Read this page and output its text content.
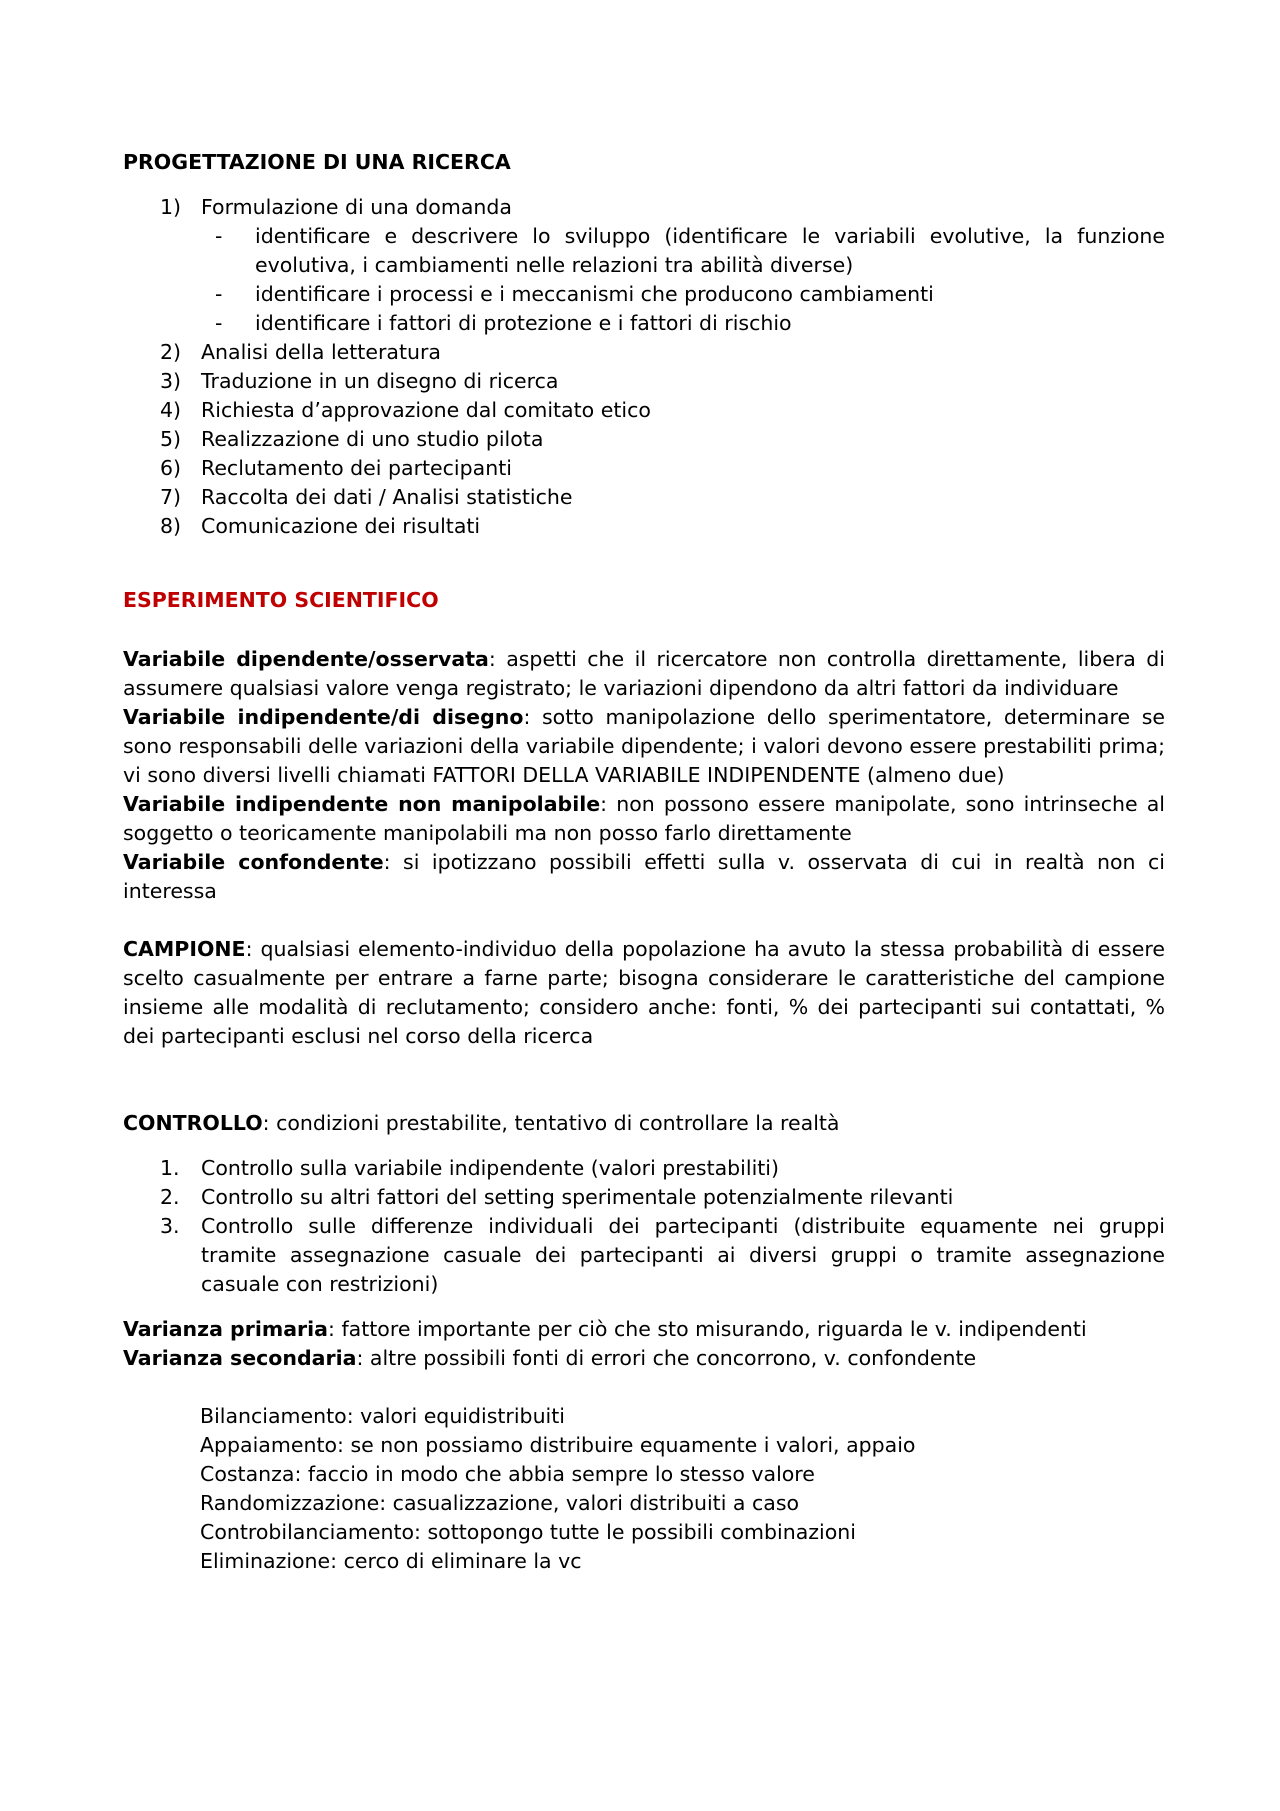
PROGETTAZIONE DI UNA RICERCA

1) Formulazione di una domanda
- identificare e descrivere lo sviluppo (identificare le variabili evolutive, la funzione evolutiva, i cambiamenti nelle relazioni tra abilità diverse)
- identificare i processi e i meccanismi che producono cambiamenti
- identificare i fattori di protezione e i fattori di rischio
2) Analisi della letteratura
3) Traduzione in un disegno di ricerca
4) Richiesta d’approvazione dal comitato etico
5) Realizzazione di uno studio pilota
6) Reclutamento dei partecipanti
7) Raccolta dei dati / Analisi statistiche
8) Comunicazione dei risultati

ESPERIMENTO SCIENTIFICO

Variabile dipendente/osservata: aspetti che il ricercatore non controlla direttamente, libera di assumere qualsiasi valore venga registrato; le variazioni dipendono da altri fattori da individuare

Variabile indipendente/di disegno: sotto manipolazione dello sperimentatore, determinare se sono responsabili delle variazioni della variabile dipendente; i valori devono essere prestabiliti prima; vi sono diversi livelli chiamati FATTORI DELLA VARIABILE INDIPENDENTE (almeno due)

Variabile indipendente non manipolabile: non possono essere manipolate, sono intrinseche al soggetto o teoricamente manipolabili ma non posso farlo direttamente

Variabile confondente: si ipotizzano possibili effetti sulla v. osservata di cui in realtà non ci interessa

CAMPIONE: qualsiasi elemento-individuo della popolazione ha avuto la stessa probabilità di essere scelto casualmente per entrare a farne parte; bisogna considerare le caratteristiche del campione insieme alle modalità di reclutamento; considero anche: fonti, % dei partecipanti sui contattati, % dei partecipanti esclusi nel corso della ricerca

CONTROLLO: condizioni prestabilite, tentativo di controllare la realtà

1. Controllo sulla variabile indipendente (valori prestabiliti)
2. Controllo su altri fattori del setting sperimentale potenzialmente rilevanti
3. Controllo sulle differenze individuali dei partecipanti (distribuite equamente nei gruppi tramite assegnazione casuale dei partecipanti ai diversi gruppi o tramite assegnazione casuale con restrizioni)

Varianza primaria: fattore importante per ciò che sto misurando, riguarda le v. indipendenti

Varianza secondaria: altre possibili fonti di errori che concorrono, v. confondente

Bilanciamento: valori equidistribuiti
Appaiamento: se non possiamo distribuire equamente i valori, appaio
Costanza: faccio in modo che abbia sempre lo stesso valore
Randomizzazione: casualizzazione, valori distribuiti a caso
Controbilanciamento: sottopongo tutte le possibili combinazioni
Eliminazione: cerco di eliminare la vc
